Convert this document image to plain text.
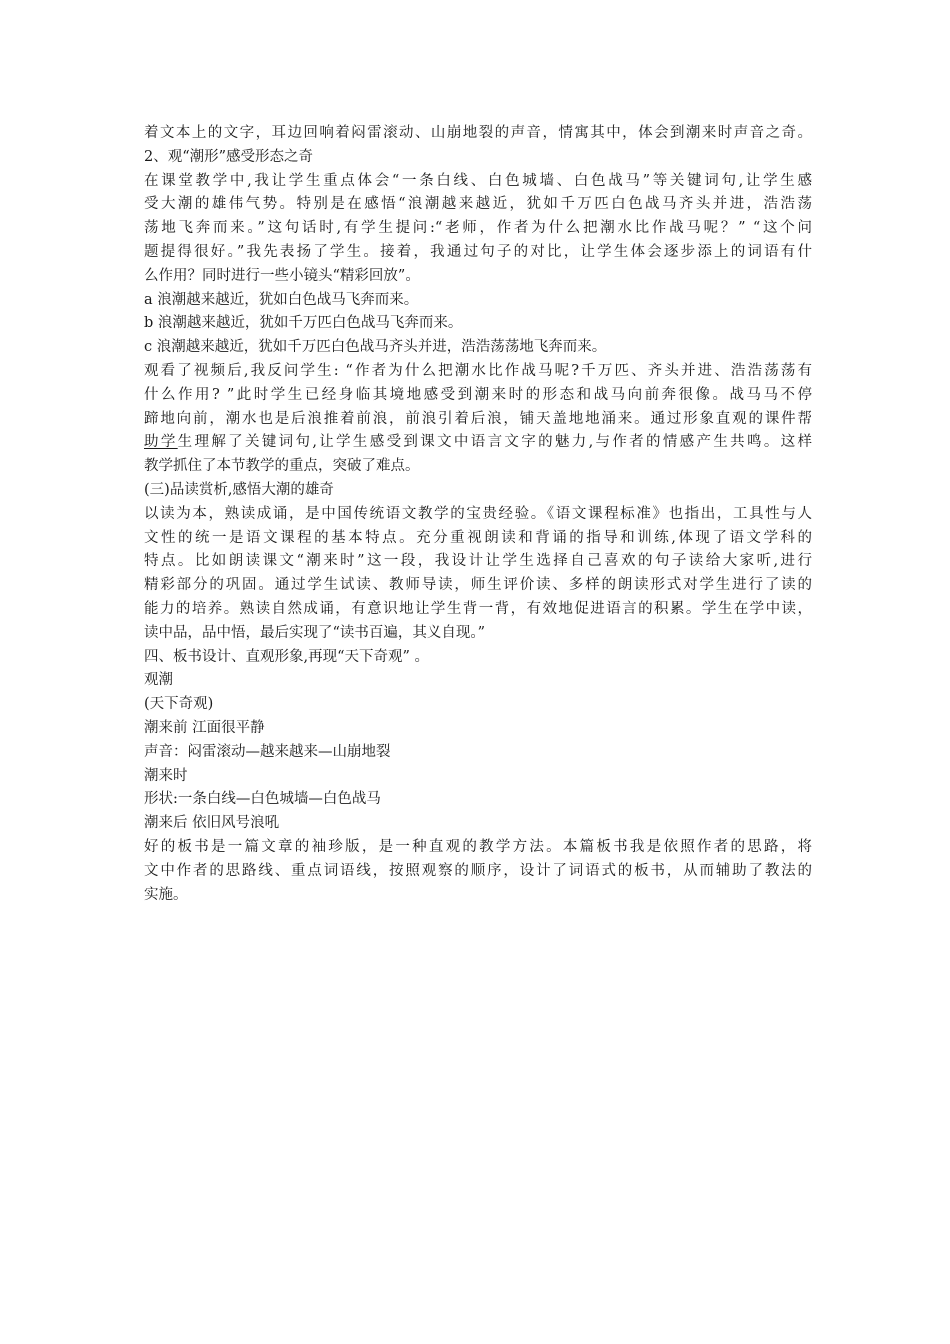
着文本上的文字，耳边回响着闷雷滚动、山崩地裂的声音，情寓其中，体会到潮来时声音之奇。
2、观“潮形”感受形态之奇
在课堂教学中,我让学生重点体会“一条白线、白色城墙、白色战马”等关键词句,让学生感
受大潮的雄伟气势。特别是在感悟“浪潮越来越近，犹如千万匹白色战马齐头并进，浩浩荡
荡地飞奔而来。”这句话时,有学生提问:“老师，作者为什么把潮水比作战马呢？” “这个问
题提得很好。”我先表扬了学生。接着，我通过句子的对比，让学生体会逐步添上的词语有什
么作用？同时进行一些小镜头“精彩回放”。
a 浪潮越来越近，犹如白色战马飞奔而来。
b 浪潮越来越近，犹如千万匹白色战马飞奔而来。
c 浪潮越来越近，犹如千万匹白色战马齐头并进，浩浩荡荡地飞奔而来。
观看了视频后,我反问学生: “作者为什么把潮水比作战马呢?千万匹、齐头并进、浩浩荡荡有
什么作用? ”此时学生已经身临其境地感受到潮来时的形态和战马向前奔很像。战马马不停
蹄地向前，潮水也是后浪推着前浪，前浪引着后浪，铺天盖地地涌来。通过形象直观的课件帮
助学生理解了关键词句,让学生感受到课文中语言文字的魅力,与作者的情感产生共鸣。这样
教学抓住了本节教学的重点，突破了难点。
(三)品读赏析,感悟大潮的雄奇
以读为本，熟读成诵，是中国传统语文教学的宝贵经验。《语文课程标准》也指出，工具性与人
文性的统一是语文课程的基本特点。充分重视朗读和背诵的指导和训练,体现了语文学科的
特点。比如朗读课文“潮来时”这一段，我设计让学生选择自己喜欢的句子读给大家听,进行
精彩部分的巩固。通过学生试读、教师导读，师生评价读、多样的朗读形式对学生进行了读的
能力的培养。熟读自然成诵，有意识地让学生背一背，有效地促进语言的积累。学生在学中读，
读中品，品中悟，最后实现了“读书百遍，其义自现。”
四、板书设计、直观形象,再现“天下奇观” 。
观潮
(天下奇观)
潮来前 江面很平静
声音：闷雷滚动—越来越来—山崩地裂
潮来时
形状:一条白线—白色城墙—白色战马
潮来后 依旧风号浪吼
好的板书是一篇文章的袖珍版，是一种直观的教学方法。本篇板书我是依照作者的思路，将
文中作者的思路线、重点词语线，按照观察的顺序，设计了词语式的板书，从而辅助了教法的
实施。
